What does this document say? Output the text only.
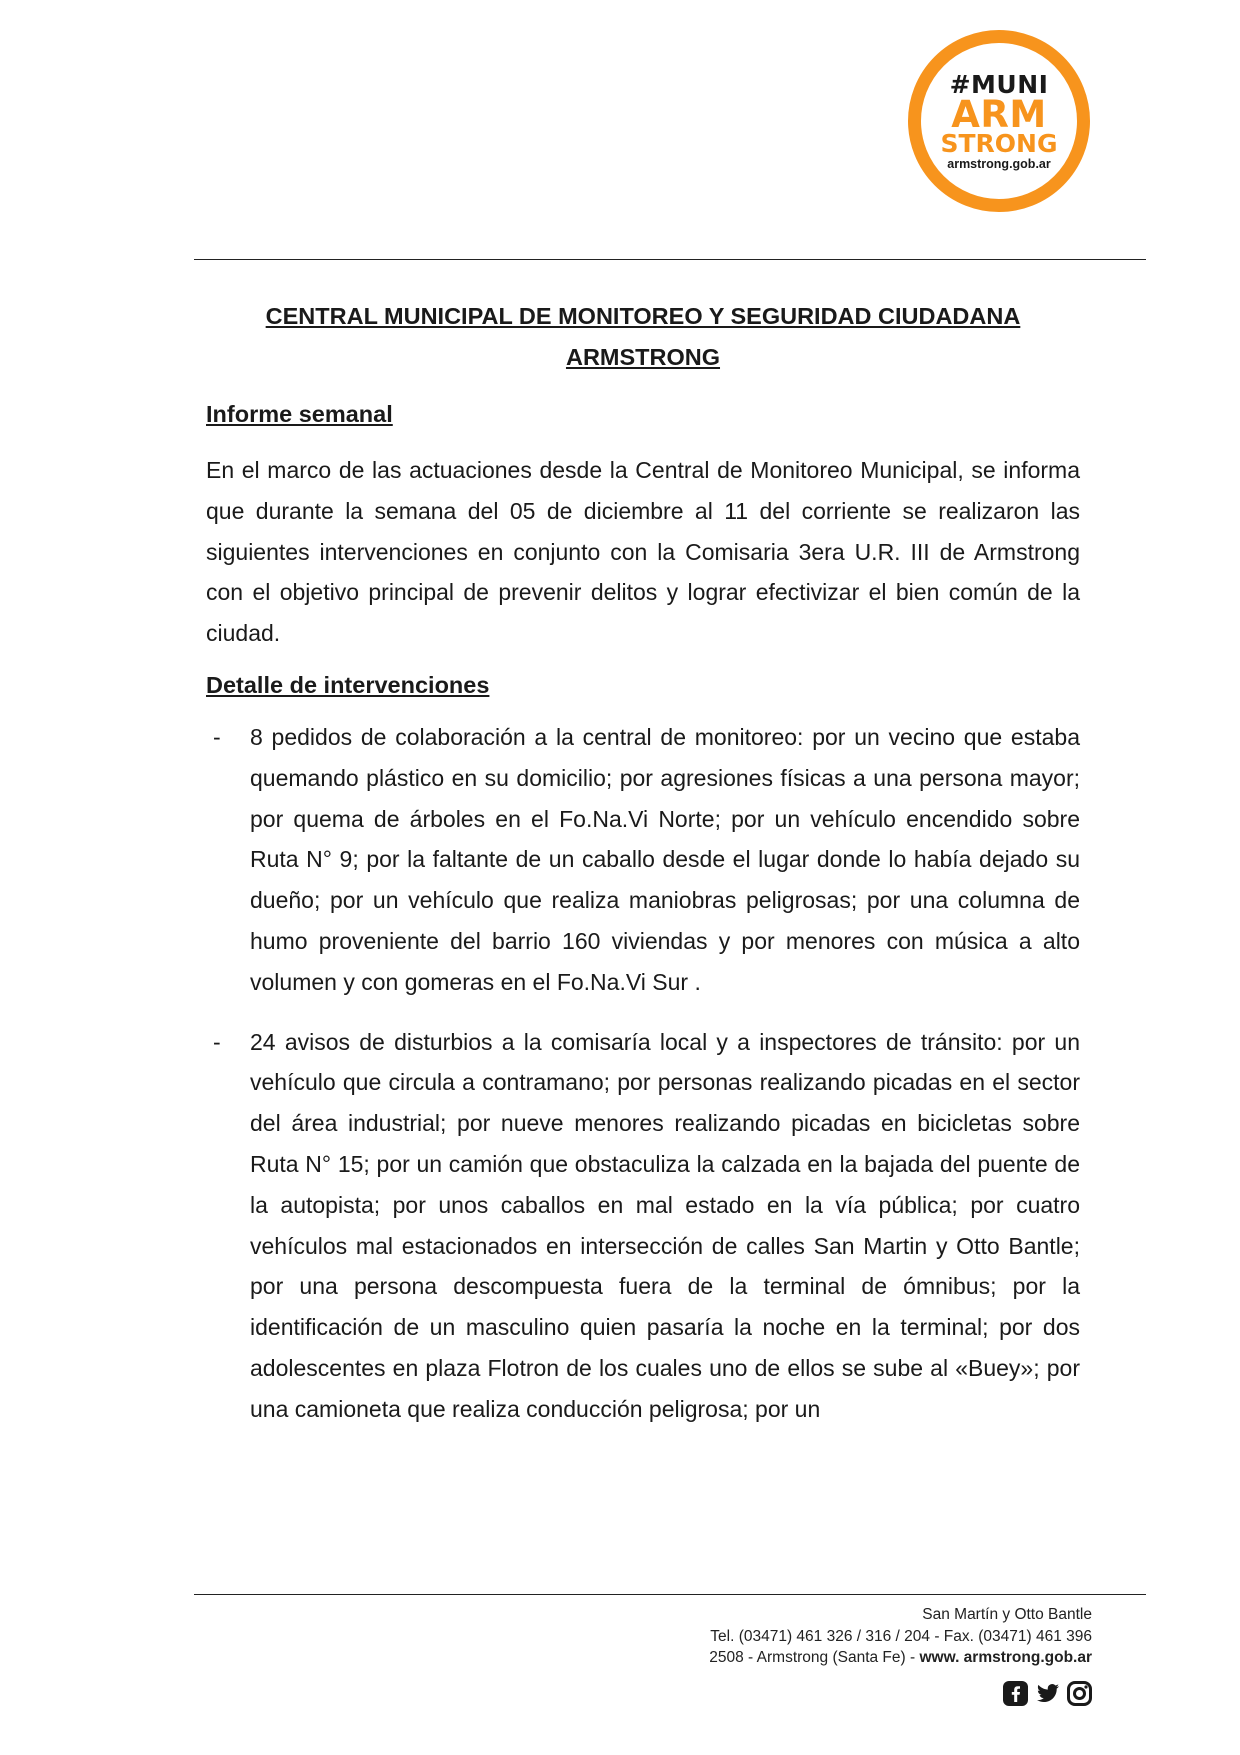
#MUNI
ARM
STRONG
armstrong.gob.ar
CENTRAL MUNICIPAL DE MONITOREO Y SEGURIDAD CIUDADANA
ARMSTRONG
Informe semanal

En el marco de las actuaciones desde la Central de Monitoreo Municipal, se informa que durante la semana del 05 de diciembre al 11 del corriente se realizaron las siguientes intervenciones en conjunto con la Comisaria 3era U.R. III de Armstrong con el objetivo principal de prevenir delitos y lograr efectivizar el bien común de la ciudad.

Detalle de intervenciones
- 8 pedidos de colaboración a la central de monitoreo: por un vecino que estaba quemando plástico en su domicilio; por agresiones físicas a una persona mayor; por quema de árboles en el Fo.Na.Vi Norte; por un vehículo encendido sobre Ruta N° 9; por la faltante de un caballo desde el lugar donde lo había dejado su dueño; por un vehículo que realiza maniobras peligrosas; por una columna de humo proveniente del barrio 160 viviendas y por menores con música a alto volumen y con gomeras en el Fo.Na.Vi Sur .
- 24 avisos de disturbios a la comisaría local y a inspectores de tránsito: por un vehículo que circula a contramano; por personas realizando picadas en el sector del área industrial; por nueve menores realizando picadas en bicicletas sobre Ruta N° 15; por un camión que obstaculiza la calzada en la bajada del puente de la autopista; por unos caballos en mal estado en la vía pública; por cuatro vehículos mal estacionados en intersección de calles San Martin y Otto Bantle; por una persona descompuesta fuera de la terminal de ómnibus; por la identificación de un masculino quien pasaría la noche en la terminal; por dos adolescentes en plaza Flotron de los cuales uno de ellos se sube al «Buey»; por una camioneta que realiza conducción peligrosa; por un
San Martín y Otto Bantle
Tel. (03471) 461 326 / 316 / 204 - Fax. (03471) 461 396
2508 - Armstrong (Santa Fe) - www. armstrong.gob.ar
